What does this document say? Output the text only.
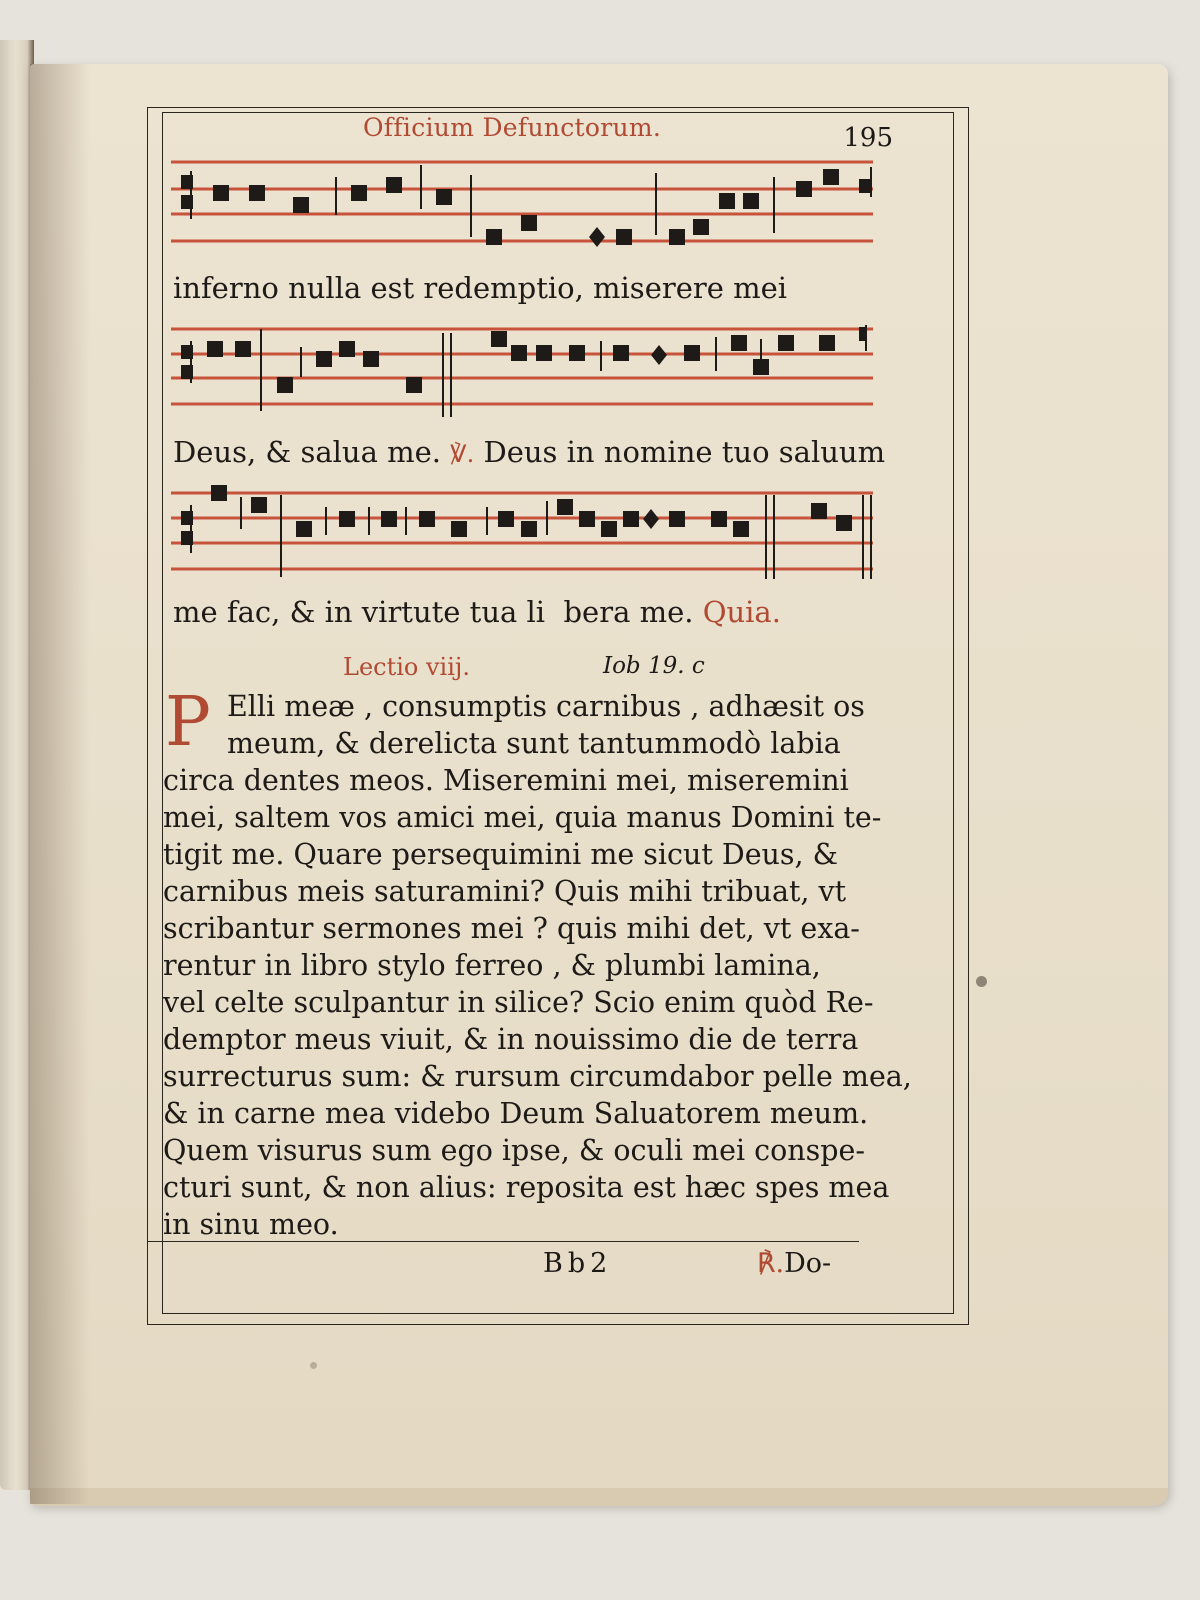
Officium Defunctorum.	195
inferno nulla est redemptio, miserere mei
Deus, & salua me. ℣. Deus in nomine tuo saluum
me fac, & in virtute tua li  bera me. Quia.
Lectio viij.	Iob 19. c
P Elli meæ , consumptis carnibus , adhæsit os
meum, & derelicta sunt tantummodò labia
circa dentes meos. Miseremini mei, miseremini
mei, saltem vos amici mei, quia manus Domini te-
tigit me. Quare persequimini me sicut Deus, &
carnibus meis saturamini? Quis mihi tribuat, vt
scribantur sermones mei ? quis mihi det, vt exa-
rentur in libro stylo ferreo , & plumbi lamina,
vel celte sculpantur in silice? Scio enim quòd Re-
demptor meus viuit, & in nouissimo die de terra
surrecturus sum: & rursum circumdabor pelle mea,
& in carne mea videbo Deum Saluatorem meum.
Quem visurus sum ego ipse, & oculi mei conspe-
cturi sunt, & non alius: reposita est hæc spes mea
in sinu meo.
Bb2	℟.Do-
